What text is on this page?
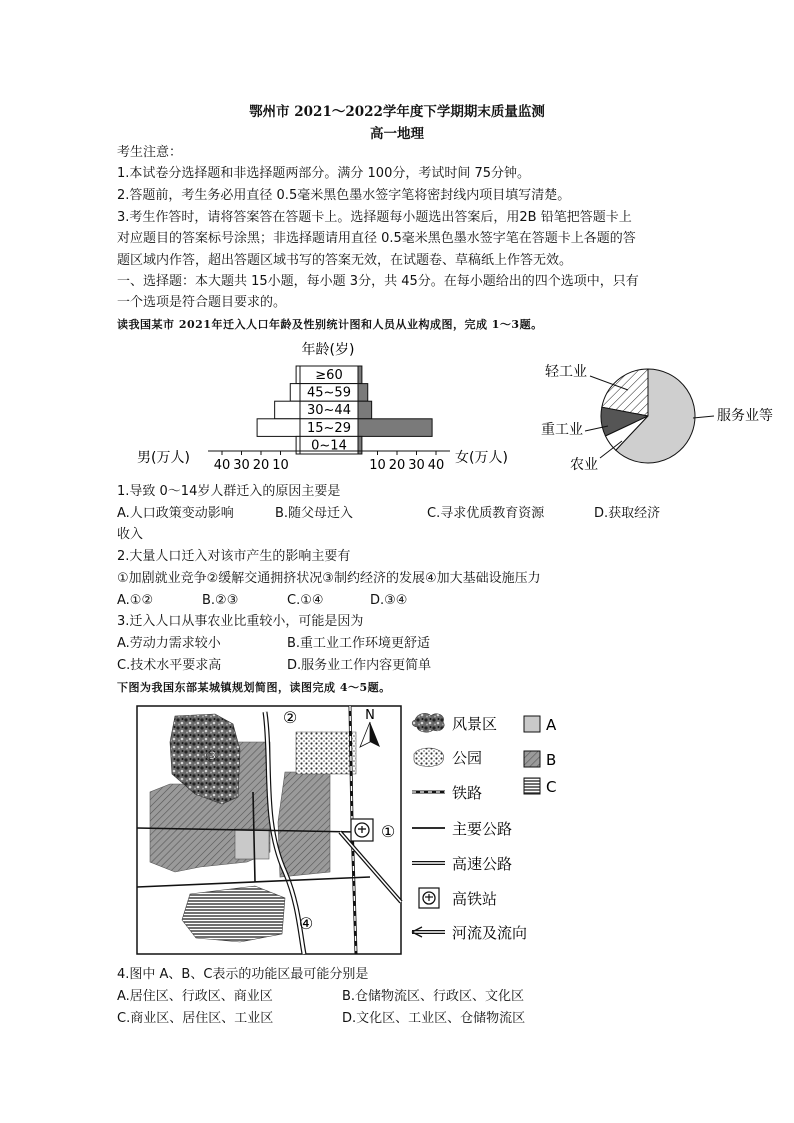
鄂州市 2021～2022学年度下学期期末质量监测
高一地理
考生注意：
1.本试卷分选择题和非选择题两部分。满分 100分，考试时间 75分钟。
2.答题前，考生务必用直径 0.5毫米黑色墨水签字笔将密封线内项目填写清楚。
3.考生作答时，请将答案答在答题卡上。选择题每小题选出答案后，用2B 铅笔把答题卡上
对应题目的答案标号涂黑；非选择题请用直径 0.5毫米黑色墨水签字笔在答题卡上各题的答
题区域内作答，超出答题区域书写的答案无效，在试题卷、草稿纸上作答无效。
一、选择题：本大题共 15小题，每小题 3分，共 45分。在每小题给出的四个选项中，只有
一个选项是符合题目要求的。
读我国某市 2021年迁入人口年龄及性别统计图和人员从业构成图，完成 1～3题。
年龄(岁)
≥60
45~59
30~44
15~29
0~14
40 30 20 10	10 20 30 40
男(万人)	女(万人)
轻工业
重工业
农业
服务业等
1.导致 0～14岁人群迁入的原因主要是
A.人口政策变动影响	B.随父母迁入	C.寻求优质教育资源	D.获取经济
收入
2.大量人口迁入对该市产生的影响主要有
①加剧就业竞争②缓解交通拥挤状况③制约经济的发展④加大基础设施压力
A.①②	B.②③	C.①④	D.③④
3.迁入人口从事农业比重较小，可能是因为
A.劳动力需求较小	B.重工业工作环境更舒适
C.技术水平要求高	D.服务业工作内容更简单
下图为我国东部某城镇规划简图，读图完成 4～5题。
N
①
②
③
④
风景区
公园
铁路
主要公路
高速公路
高铁站
河流及流向
A
B
C
4.图中 A、B、C表示的功能区最可能分别是
A.居住区、行政区、商业区	B.仓储物流区、行政区、文化区
C.商业区、居住区、工业区	D.文化区、工业区、仓储物流区
